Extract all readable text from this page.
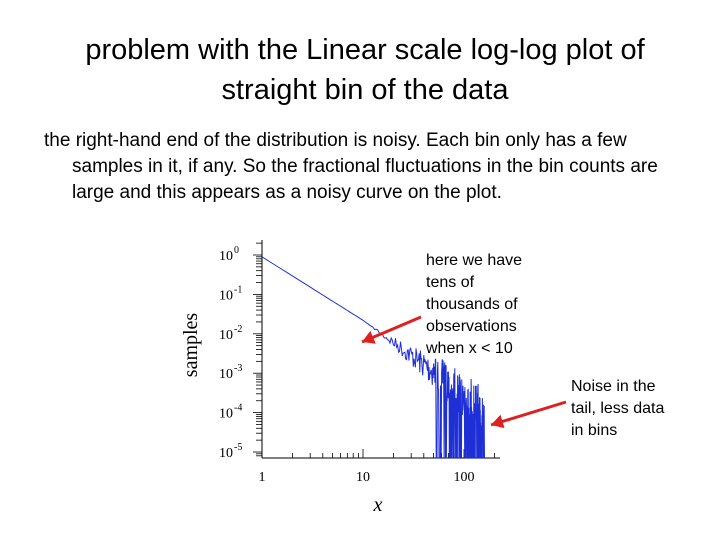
problem with the Linear scale log-log plot of straight bin of the data
the right-hand end of the distribution is noisy. Each bin only has a few samples in it, if any. So the fractional fluctuations in the bin counts are large and this appears as a noisy curve on the plot.
10 0
10 -1
10 -2
10 -3
10 -4
10 -5
1	10	100
x
samples
here we have
tens of
thousands of
observations
when x < 10
Noise in the
tail, less data
in bins
